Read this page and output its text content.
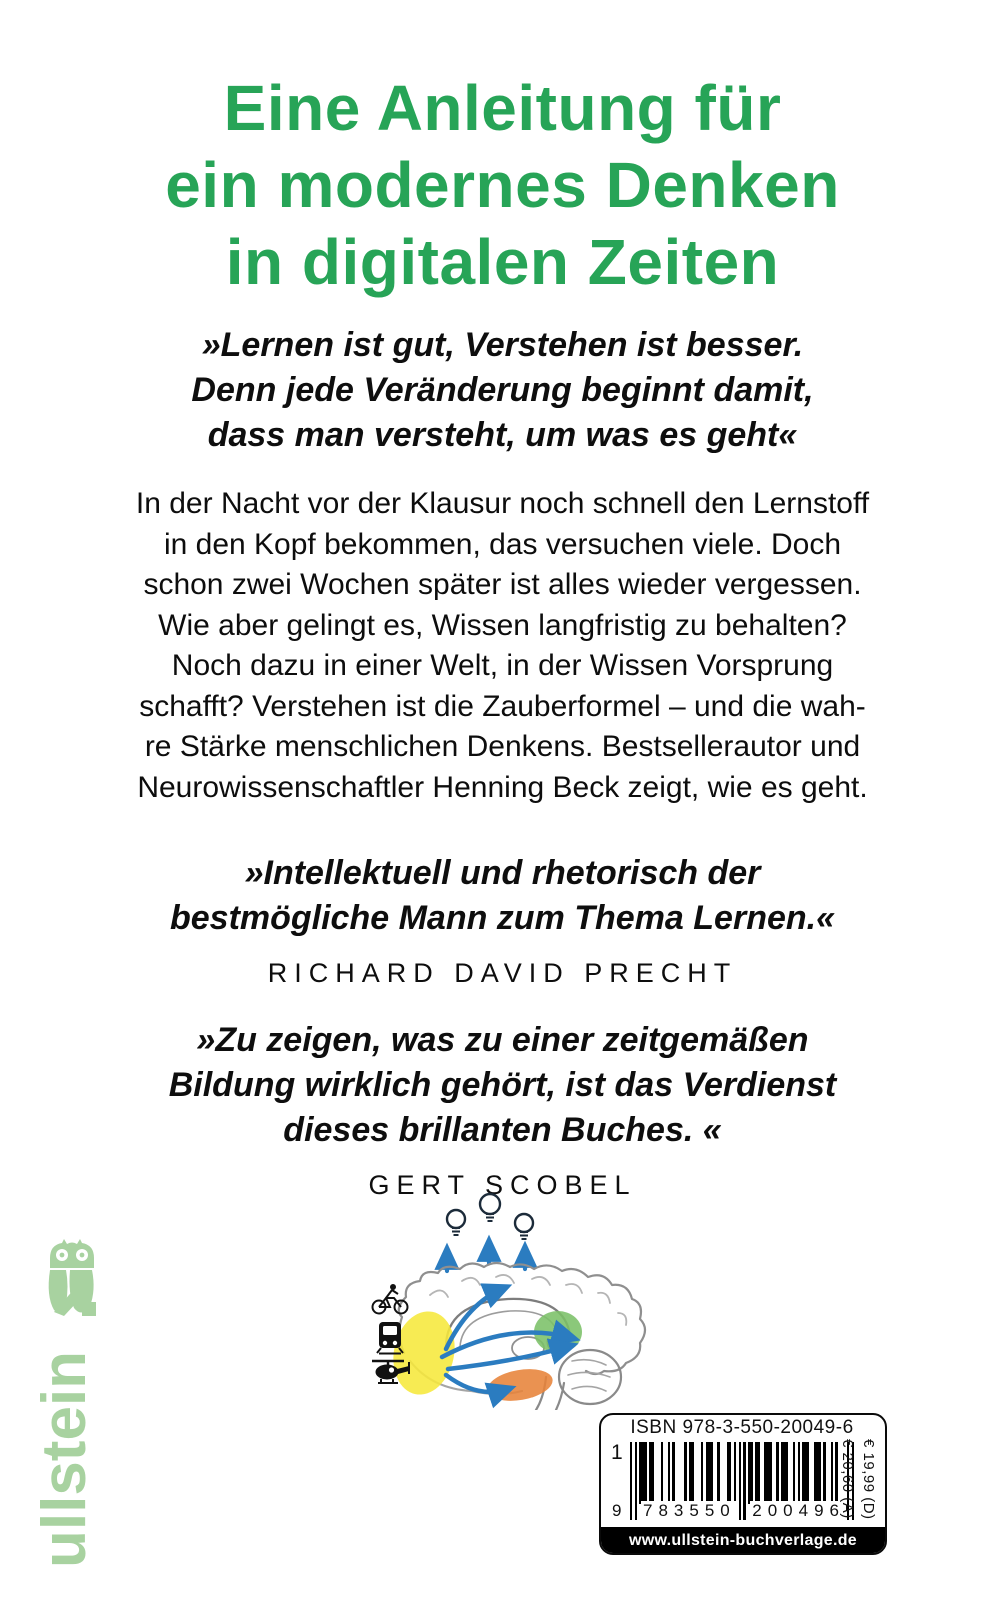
Eine Anleitung für
ein modernes Denken
in digitalen Zeiten
»Lernen ist gut, Verstehen ist besser.
Denn jede Veränderung beginnt damit,
dass man versteht, um was es geht«
In der Nacht vor der Klausur noch schnell den Lernstoff
in den Kopf bekommen, das versuchen viele. Doch
schon zwei Wochen später ist alles wieder vergessen.
Wie aber gelingt es, Wissen langfristig zu behalten?
Noch dazu in einer Welt, in der Wissen Vorsprung
schafft? Verstehen ist die Zauberformel – und die wah-
re Stärke menschlichen Denkens. Bestsellerautor und
Neurowissenschaftler Henning Beck zeigt, wie es geht.
»Intellektuell und rhetorisch der
bestmögliche Mann zum Thema Lernen.«
RICHARD DAVID PRECHT
»Zu zeigen, was zu einer zeitgemäßen
Bildung wirklich gehört, ist das Verdienst
dieses brillanten Buches. «
GERT SCOBEL
ullstein	ISBN 978-3-550-20049-6
1
9 783550 200496
€ 20,60 (A) € 19,99 (D)
www.ullstein-buchverlage.de
